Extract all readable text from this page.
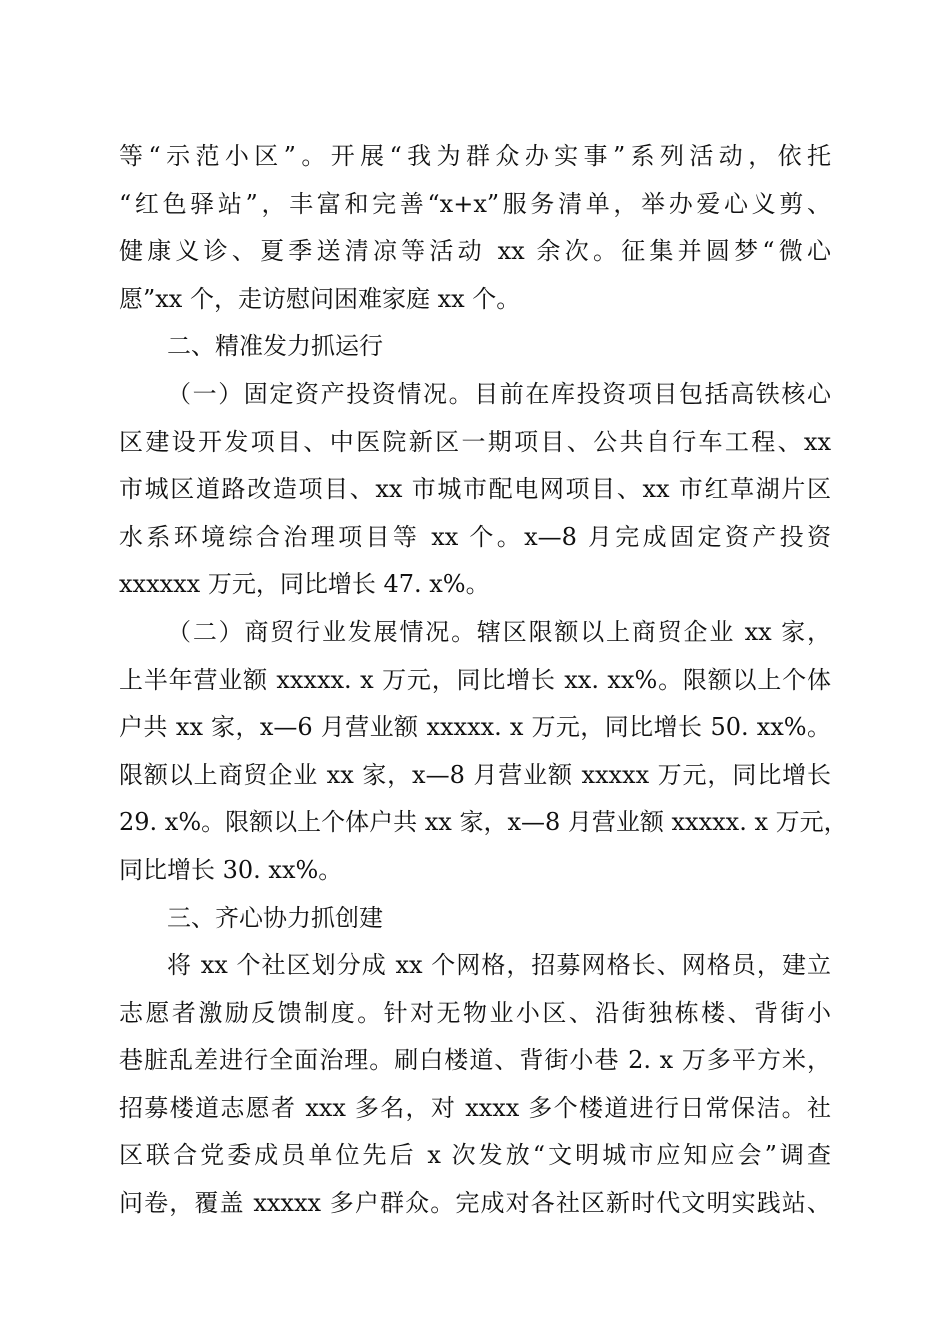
等“示范小区”。开展“我为群众办实事”系列活动，依托
“红色驿站”，丰富和完善“x+x”服务清单，举办爱心义剪、
健康义诊、夏季送清凉等活动 xx 余次。征集并圆梦“微心
愿”xx 个，走访慰问困难家庭 xx 个。
二、精准发力抓运行
（一）固定资产投资情况。目前在库投资项目包括高铁核心
区建设开发项目、中医院新区一期项目、公共自行车工程、xx
市城区道路改造项目、xx 市城市配电网项目、xx 市红草湖片区
水系环境综合治理项目等 xx 个。x—8 月完成固定资产投资
xxxxxx 万元，同比增长 47. x%。
（二）商贸行业发展情况。辖区限额以上商贸企业 xx 家，
上半年营业额 xxxxx. x 万元，同比增长 xx. xx%。限额以上个体
户共 xx 家，x—6 月营业额 xxxxx. x 万元，同比增长 50. xx%。
限额以上商贸企业 xx 家，x—8 月营业额 xxxxx 万元，同比增长
29. x%。限额以上个体户共 xx 家，x—8 月营业额 xxxxx. x 万元，
同比增长 30. xx%。
三、齐心协力抓创建
将 xx 个社区划分成 xx 个网格，招募网格长、网格员，建立
志愿者激励反馈制度。针对无物业小区、沿街独栋楼、背街小
巷脏乱差进行全面治理。刷白楼道、背街小巷 2. x 万多平方米，
招募楼道志愿者 xxx 多名，对 xxxx 多个楼道进行日常保洁。社
区联合党委成员单位先后 x 次发放“文明城市应知应会”调查
问卷，覆盖 xxxxx 多户群众。完成对各社区新时代文明实践站、
